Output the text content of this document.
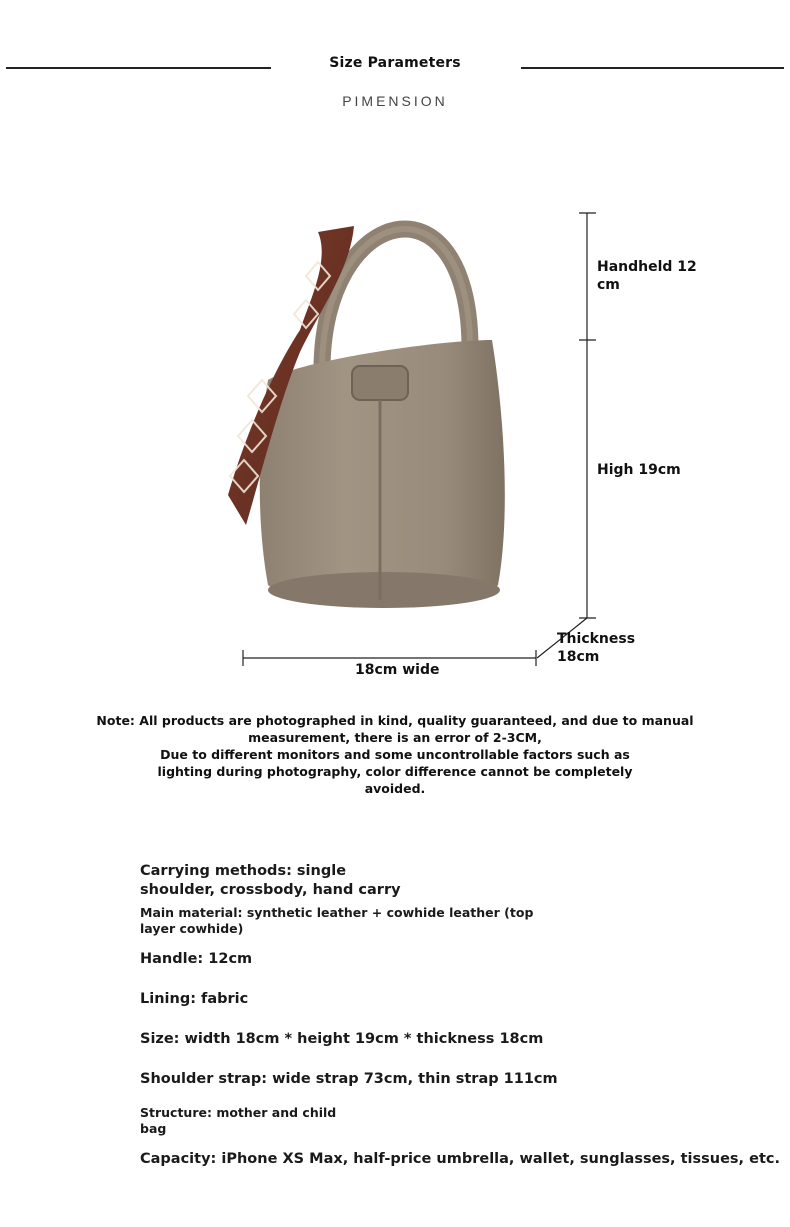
Size Parameters
PIMENSION
Handheld 12 cm
High 19cm
Thickness 18cm
18cm wide
Note: All products are photographed in kind, quality guaranteed, and due to manual measurement, there is an error of 2-3CM,
Due to different monitors and some uncontrollable factors such as lighting during photography, color difference cannot be completely avoided.
Carrying methods: single shoulder, crossbody, hand carry
Main material: synthetic leather + cowhide leather (top layer cowhide)
Handle: 12cm
Lining: fabric
Size: width 18cm * height 19cm * thickness 18cm
Shoulder strap: wide strap 73cm, thin strap 111cm
Structure: mother and child bag
Capacity: iPhone XS Max, half-price umbrella, wallet, sunglasses, tissues, etc.
